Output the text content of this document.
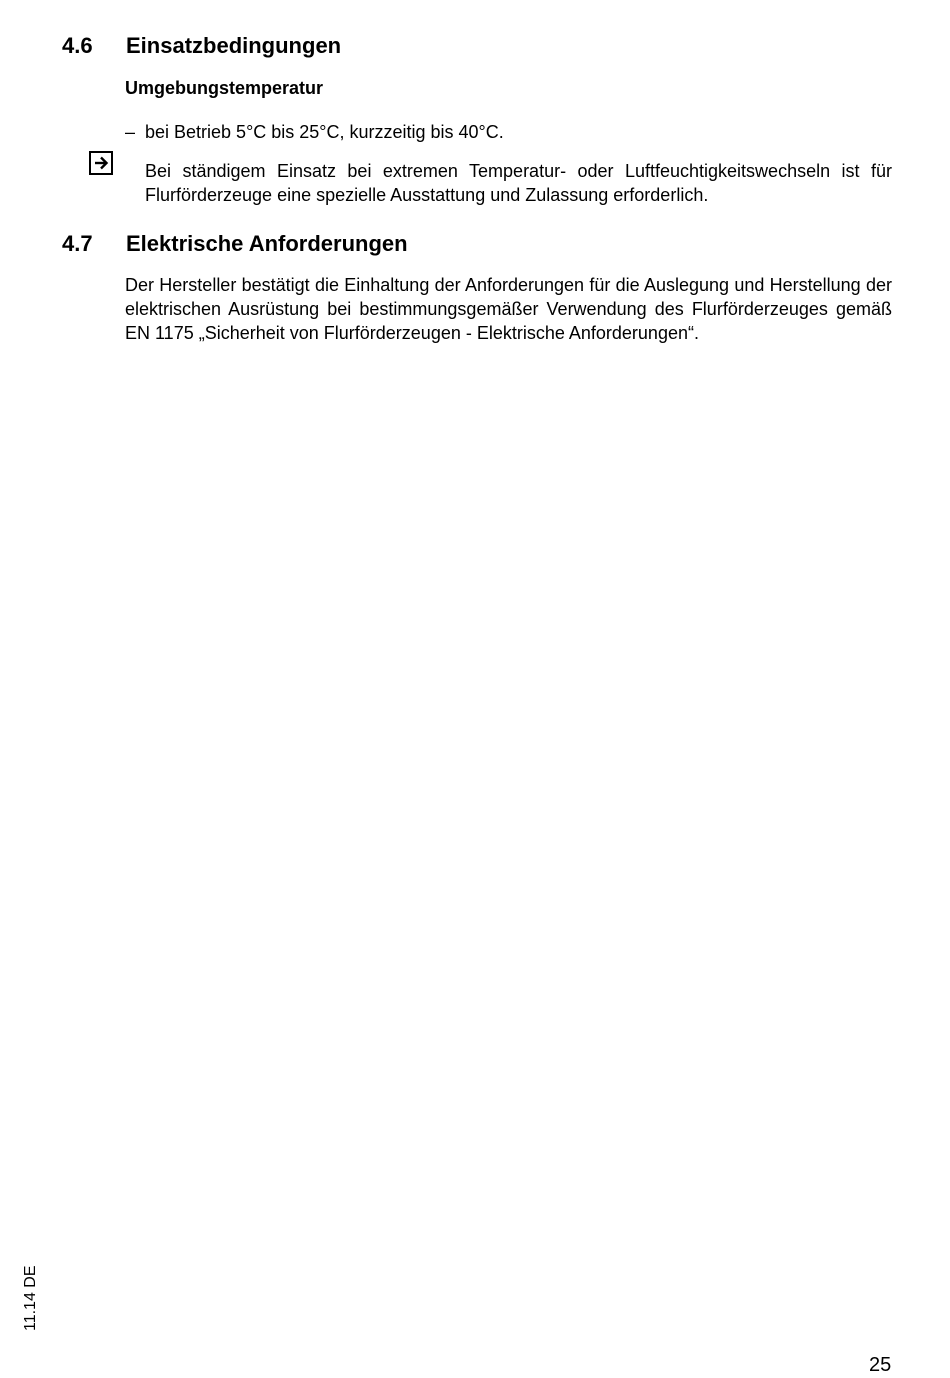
4.6 Einsatzbedingungen
Umgebungstemperatur
– bei Betrieb 5°C bis 25°C, kurzzeitig bis 40°C.
Bei ständigem Einsatz bei extremen Temperatur- oder Luftfeuchtigkeitswechseln ist für Flurförderzeuge eine spezielle Ausstattung und Zulassung erforderlich.
4.7 Elektrische Anforderungen
Der Hersteller bestätigt die Einhaltung der Anforderungen für die Auslegung und Herstellung der elektrischen Ausrüstung bei bestimmungsgemäßer Verwendung des Flurförderzeuges gemäß EN 1175 „Sicherheit von Flurförderzeugen - Elektrische Anforderungen“.
11.14 DE
25
